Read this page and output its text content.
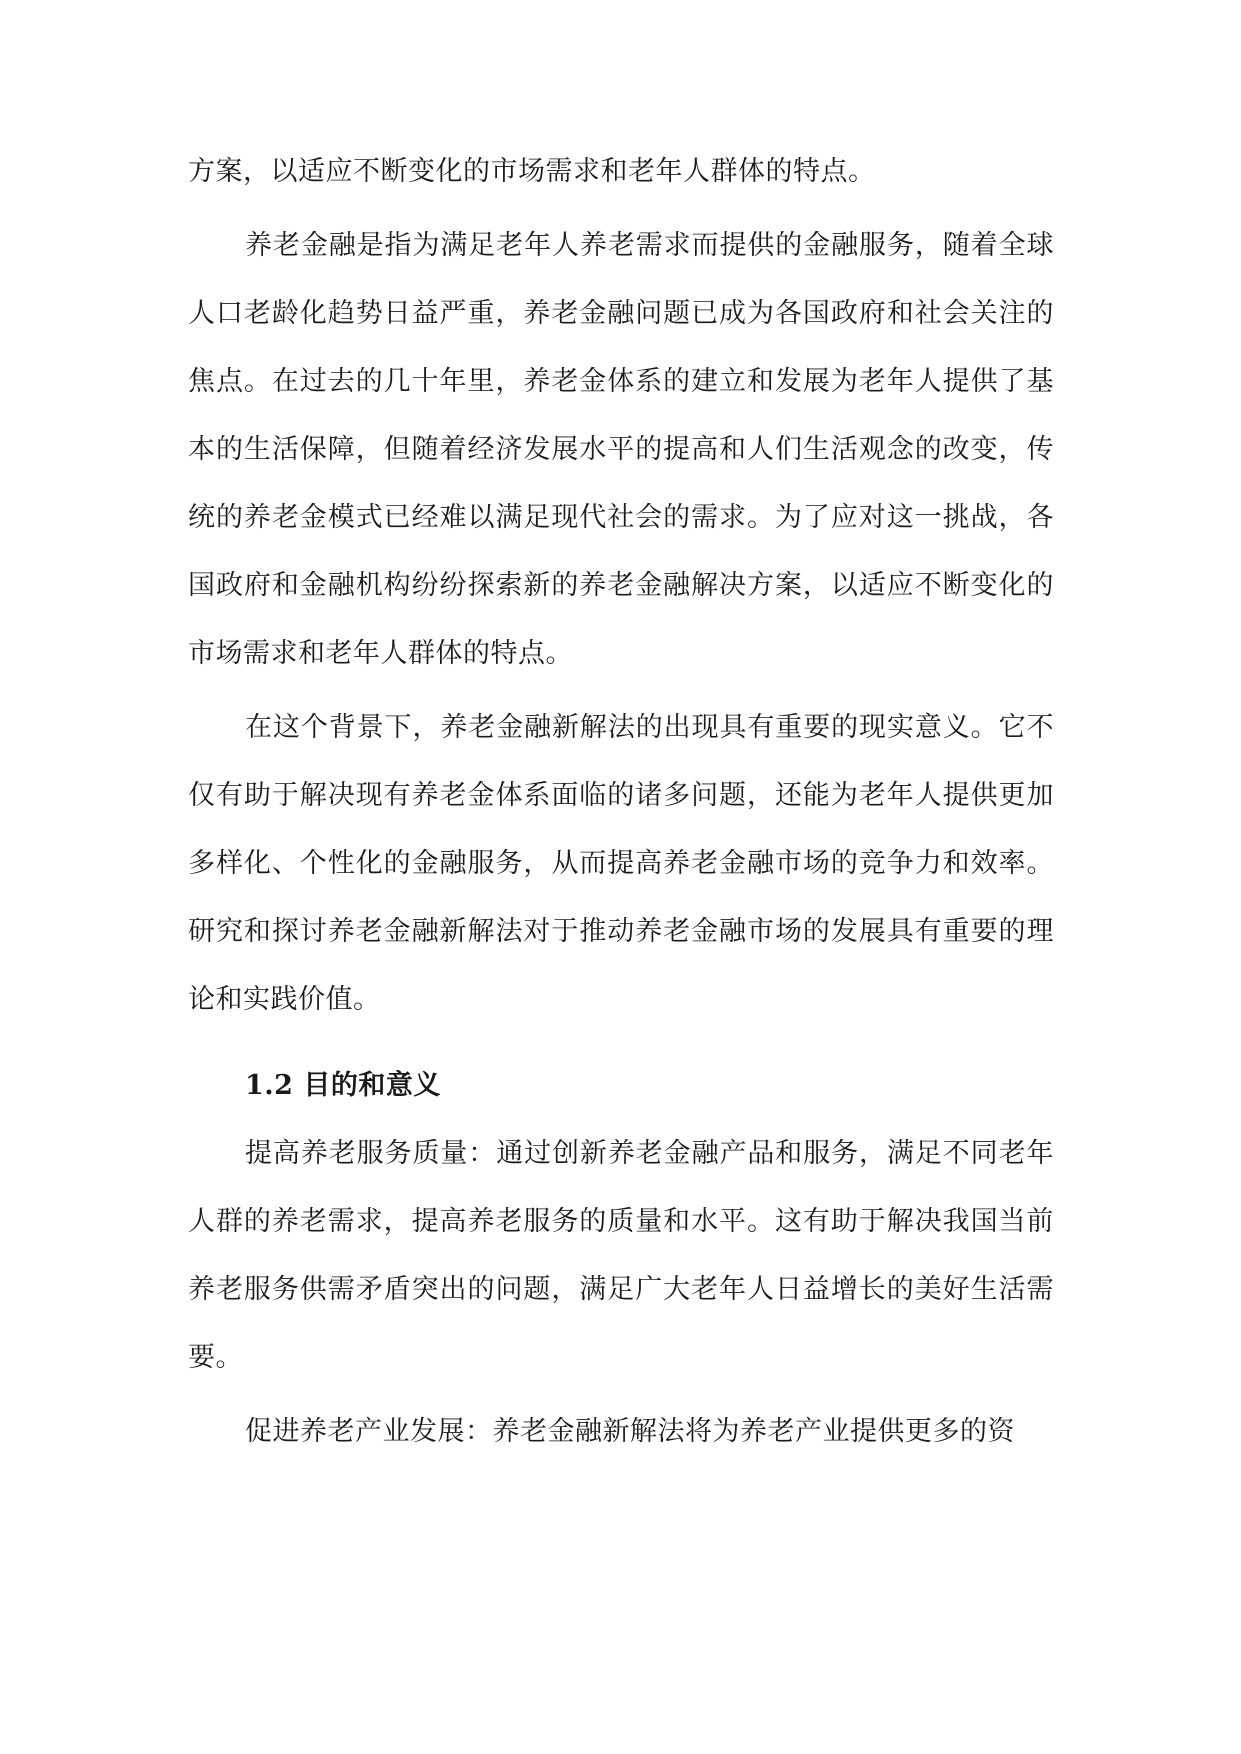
方案，以适应不断变化的市场需求和老年人群体的特点。

养老金融是指为满足老年人养老需求而提供的金融服务，随着全球人口老龄化趋势日益严重，养老金融问题已成为各国政府和社会关注的焦点。在过去的几十年里，养老金体系的建立和发展为老年人提供了基本的生活保障，但随着经济发展水平的提高和人们生活观念的改变，传统的养老金模式已经难以满足现代社会的需求。为了应对这一挑战，各国政府和金融机构纷纷探索新的养老金融解决方案，以适应不断变化的市场需求和老年人群体的特点。

在这个背景下，养老金融新解法的出现具有重要的现实意义。它不仅有助于解决现有养老金体系面临的诸多问题，还能为老年人提供更加多样化、个性化的金融服务，从而提高养老金融市场的竞争力和效率。研究和探讨养老金融新解法对于推动养老金融市场的发展具有重要的理论和实践价值。

1.2 目的和意义

提高养老服务质量：通过创新养老金融产品和服务，满足不同老年人群的养老需求，提高养老服务的质量和水平。这有助于解决我国当前养老服务供需矛盾突出的问题，满足广大老年人日益增长的美好生活需要。

促进养老产业发展：养老金融新解法将为养老产业提供更多的资
